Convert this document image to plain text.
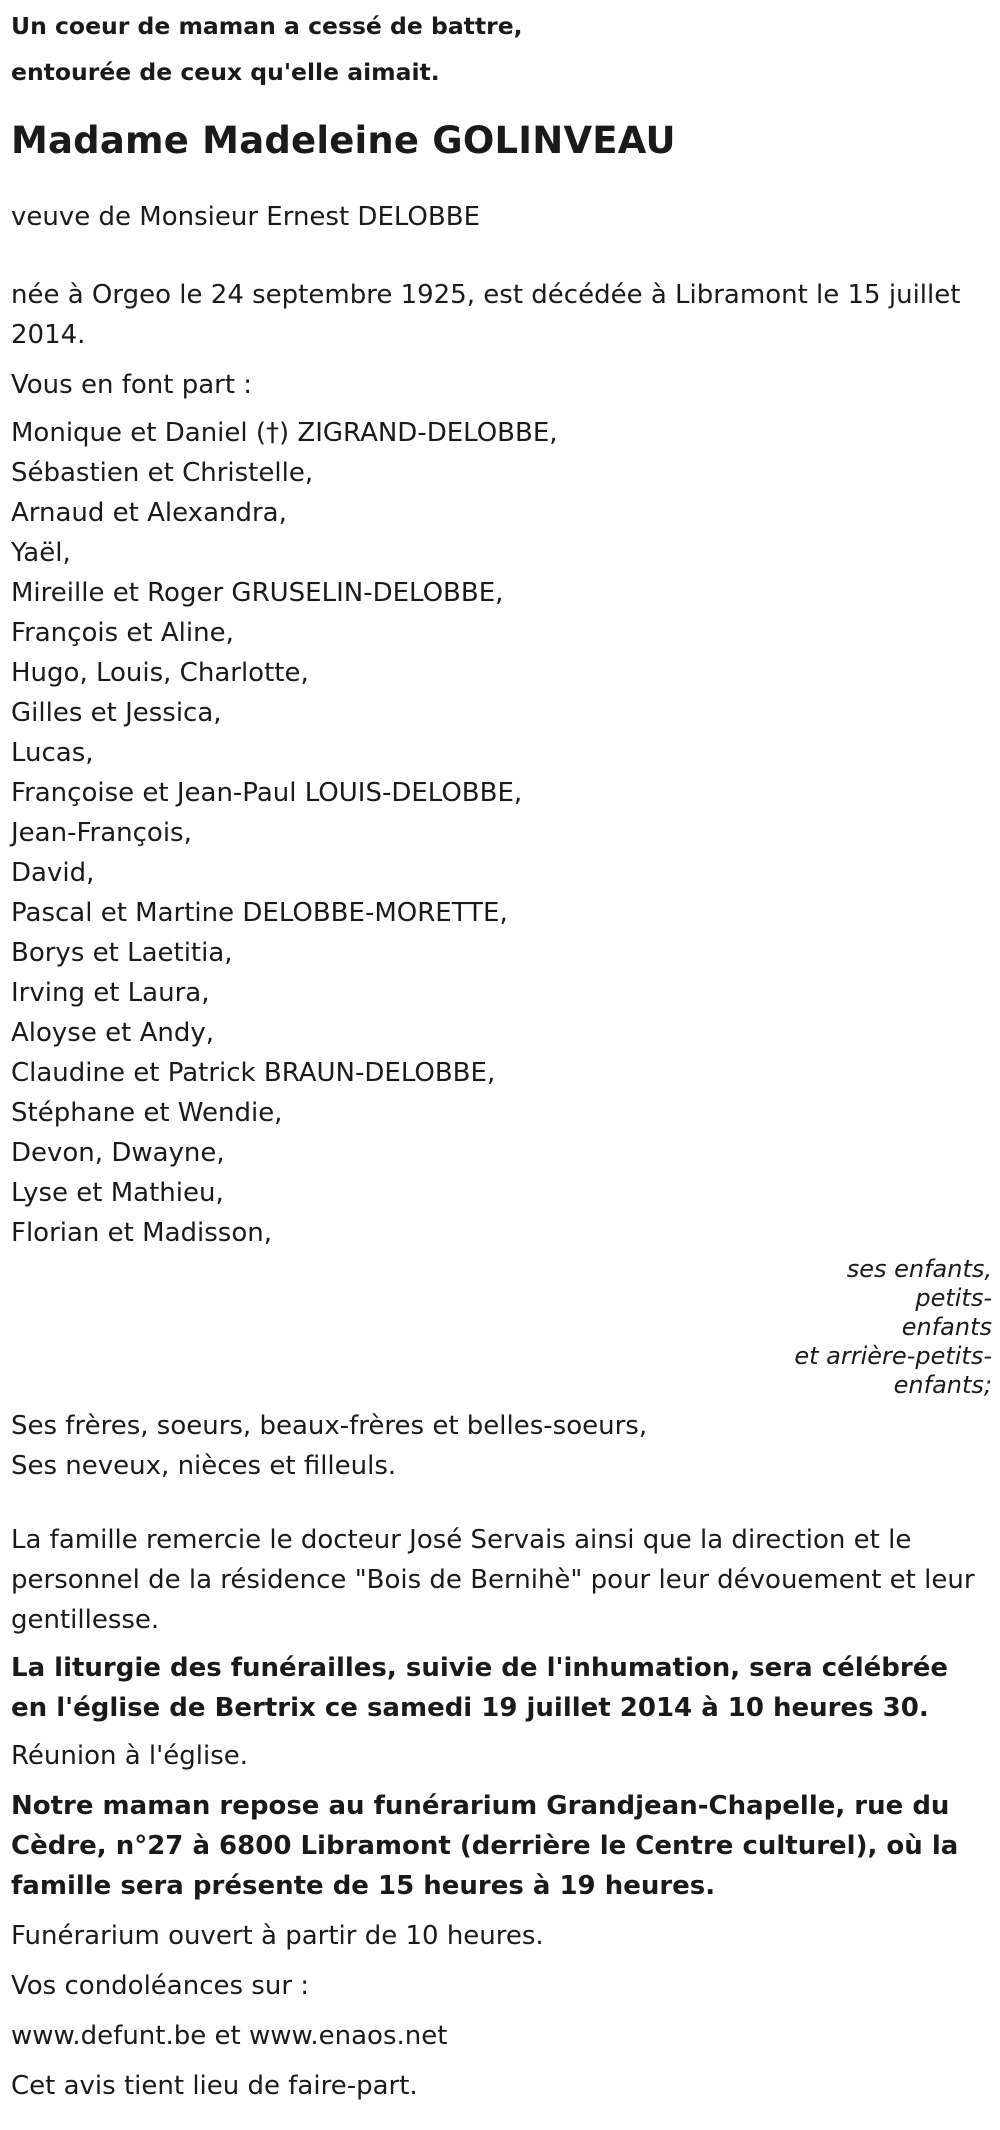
Un coeur de maman a cessé de battre,
entourée de ceux qu'elle aimait.
Madame Madeleine GOLINVEAU
veuve de Monsieur Ernest DELOBBE
née à Orgeo le 24 septembre 1925, est décédée à Libramont le 15 juillet 2014.
Vous en font part :
Monique et Daniel (†) ZIGRAND-DELOBBE,
Sébastien et Christelle,
Arnaud et Alexandra,
Yaël,
Mireille et Roger GRUSELIN-DELOBBE,
François et Aline,
Hugo, Louis, Charlotte,
Gilles et Jessica,
Lucas,
Françoise et Jean-Paul LOUIS-DELOBBE,
Jean-François,
David,
Pascal et Martine DELOBBE-MORETTE,
Borys et Laetitia,
Irving et Laura,
Aloyse et Andy,
Claudine et Patrick BRAUN-DELOBBE,
Stéphane et Wendie,
Devon, Dwayne,
Lyse et Mathieu,
Florian et Madisson,
ses enfants, petits-
enfants
et arrière-petits-
enfants;
Ses frères, soeurs, beaux-frères et belles-soeurs,
Ses neveux, nièces et filleuls.
La famille remercie le docteur José Servais ainsi que la direction et le personnel de la résidence "Bois de Bernihè" pour leur dévouement et leur gentillesse.
La liturgie des funérailles, suivie de l'inhumation, sera célébrée en l'église de Bertrix ce samedi 19 juillet 2014 à 10 heures 30.
Réunion à l'église.
Notre maman repose au funérarium Grandjean-Chapelle, rue du Cèdre, n°27 à 6800 Libramont (derrière le Centre culturel), où la famille sera présente de 15 heures à 19 heures.
Funérarium ouvert à partir de 10 heures.
Vos condoléances sur :
www.defunt.be et www.enaos.net
Cet avis tient lieu de faire-part.
